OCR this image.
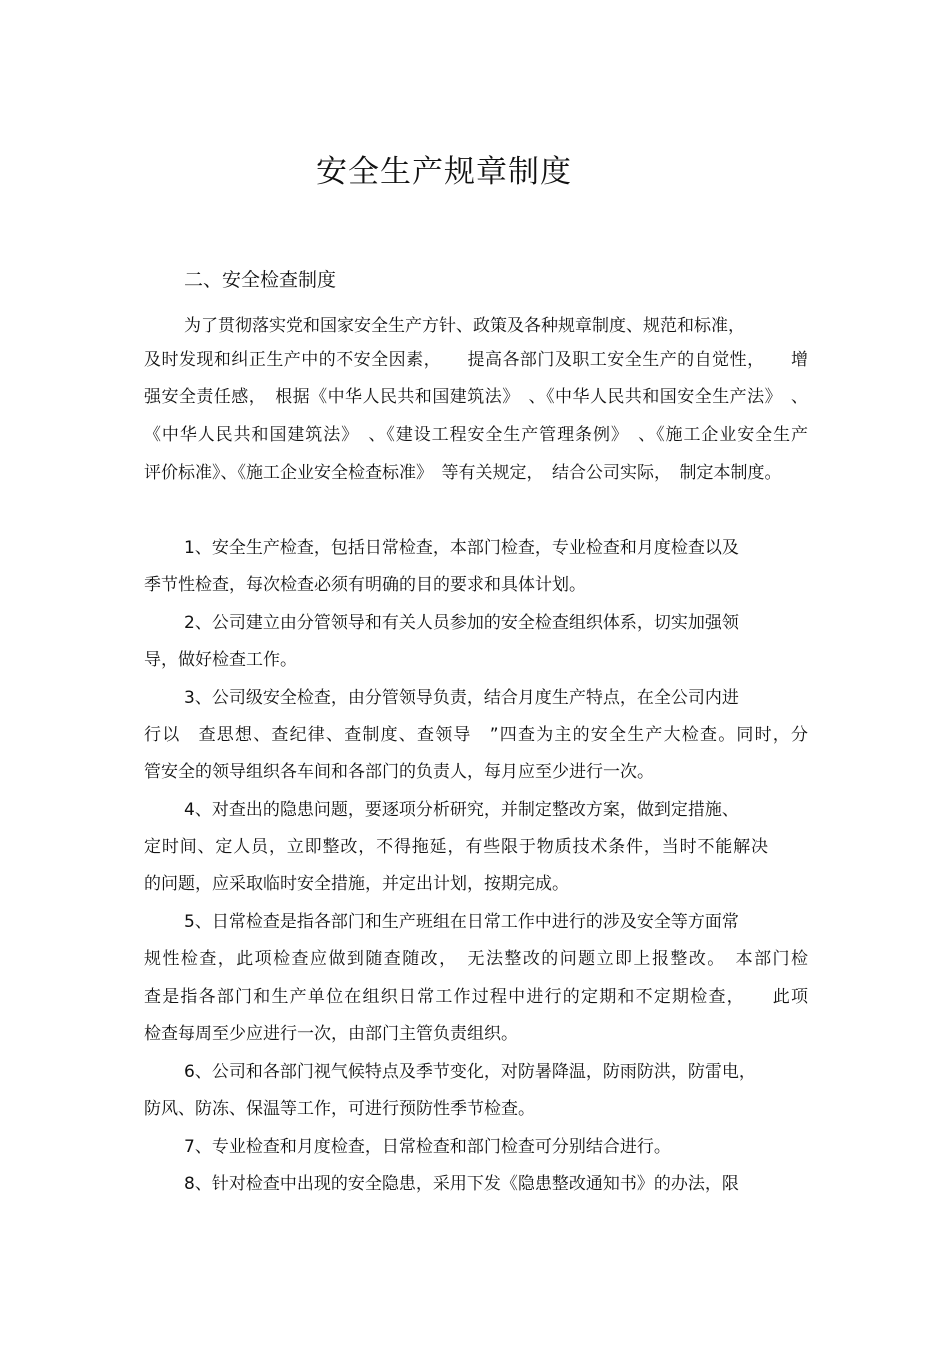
安全生产规章制度
二、安全检查制度
为了贯彻落实党和国家安全生产方针、政策及各种规章制度、规范和标准，
及时发现和纠正生产中的不安全因素，　　提高各部门及职工安全生产的自觉性，　　增
强安全责任感，　根据《中华人民共和国建筑法》　、《中华人民共和国安全生产法》　、
《中华人民共和国建筑法》　、《建设工程安全生产管理条例》　、《施工企业安全生产
评价标准》、《施工企业安全检查标准》　等有关规定，　结合公司实际，　制定本制度。
1、安全生产检查，包括日常检查，本部门检查，专业检查和月度检查以及
季节性检查，每次检查必须有明确的目的要求和具体计划。
2、公司建立由分管领导和有关人员参加的安全检查组织体系，切实加强领
导，做好检查工作。
3、公司级安全检查，由分管领导负责，结合月度生产特点，在全公司内进
行以　查思想、查纪律、查制度、查领导　”四查为主的安全生产大检查。同时，分
管安全的领导组织各车间和各部门的负责人，每月应至少进行一次。
4、对查出的隐患问题，要逐项分析研究，并制定整改方案，做到定措施、
定时间、定人员，立即整改，不得拖延，有些限于物质技术条件，当时不能解决
的问题，应采取临时安全措施，并定出计划，按期完成。
5、日常检查是指各部门和生产班组在日常工作中进行的涉及安全等方面常
规性检查，此项检查应做到随查随改，　无法整改的问题立即上报整改。　本部门检
查是指各部门和生产单位在组织日常工作过程中进行的定期和不定期检查，　　此项
检查每周至少应进行一次，由部门主管负责组织。
6、公司和各部门视气候特点及季节变化，对防暑降温，防雨防洪，防雷电，
防风、防冻、保温等工作，可进行预防性季节检查。
7、专业检查和月度检查，日常检查和部门检查可分别结合进行。
8、针对检查中出现的安全隐患，采用下发《隐患整改通知书》的办法，限
